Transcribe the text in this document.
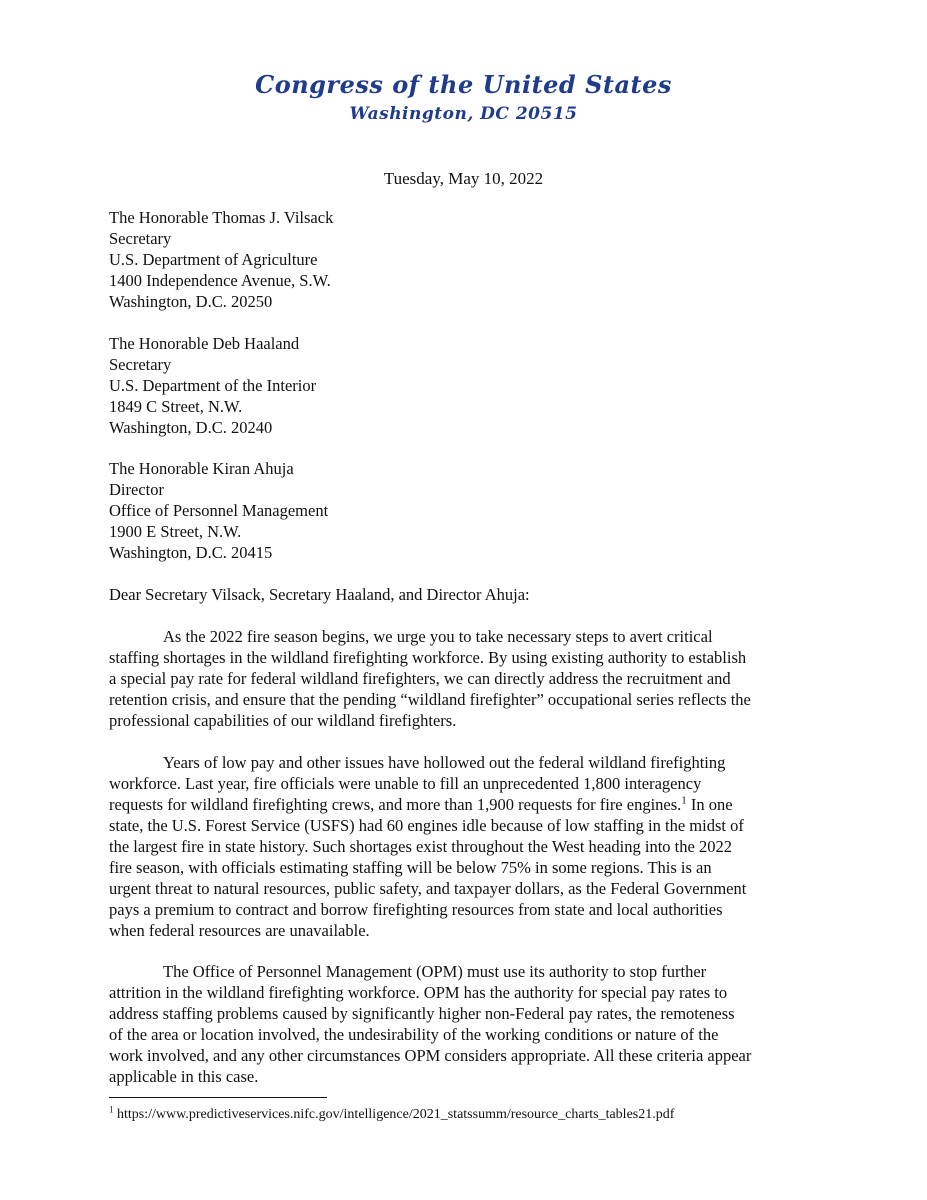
Congress of the United States
Washington, DC 20515
Tuesday, May 10, 2022
The Honorable Thomas J. Vilsack
Secretary
U.S. Department of Agriculture
1400 Independence Avenue, S.W.
Washington, D.C. 20250
The Honorable Deb Haaland
Secretary
U.S. Department of the Interior
1849 C Street, N.W.
Washington, D.C. 20240
The Honorable Kiran Ahuja
Director
Office of Personnel Management
1900 E Street, N.W.
Washington, D.C. 20415
Dear Secretary Vilsack, Secretary Haaland, and Director Ahuja:
As the 2022 fire season begins, we urge you to take necessary steps to avert critical
staffing shortages in the wildland firefighting workforce. By using existing authority to establish
a special pay rate for federal wildland firefighters, we can directly address the recruitment and
retention crisis, and ensure that the pending “wildland firefighter” occupational series reflects the
professional capabilities of our wildland firefighters.
Years of low pay and other issues have hollowed out the federal wildland firefighting
workforce. Last year, fire officials were unable to fill an unprecedented 1,800 interagency
requests for wildland firefighting crews, and more than 1,900 requests for fire engines.$^1$ In one
state, the U.S. Forest Service (USFS) had 60 engines idle because of low staffing in the midst of
the largest fire in state history. Such shortages exist throughout the West heading into the 2022
fire season, with officials estimating staffing will be below 75% in some regions. This is an
urgent threat to natural resources, public safety, and taxpayer dollars, as the Federal Government
pays a premium to contract and borrow firefighting resources from state and local authorities
when federal resources are unavailable.
The Office of Personnel Management (OPM) must use its authority to stop further
attrition in the wildland firefighting workforce. OPM has the authority for special pay rates to
address staffing problems caused by significantly higher non-Federal pay rates, the remoteness
of the area or location involved, the undesirability of the working conditions or nature of the
work involved, and any other circumstances OPM considers appropriate. All these criteria appear
applicable in this case.
$^1$ https://www.predictiveservices.nifc.gov/intelligence/2021_statssumm/resource_charts_tables21.pdf
